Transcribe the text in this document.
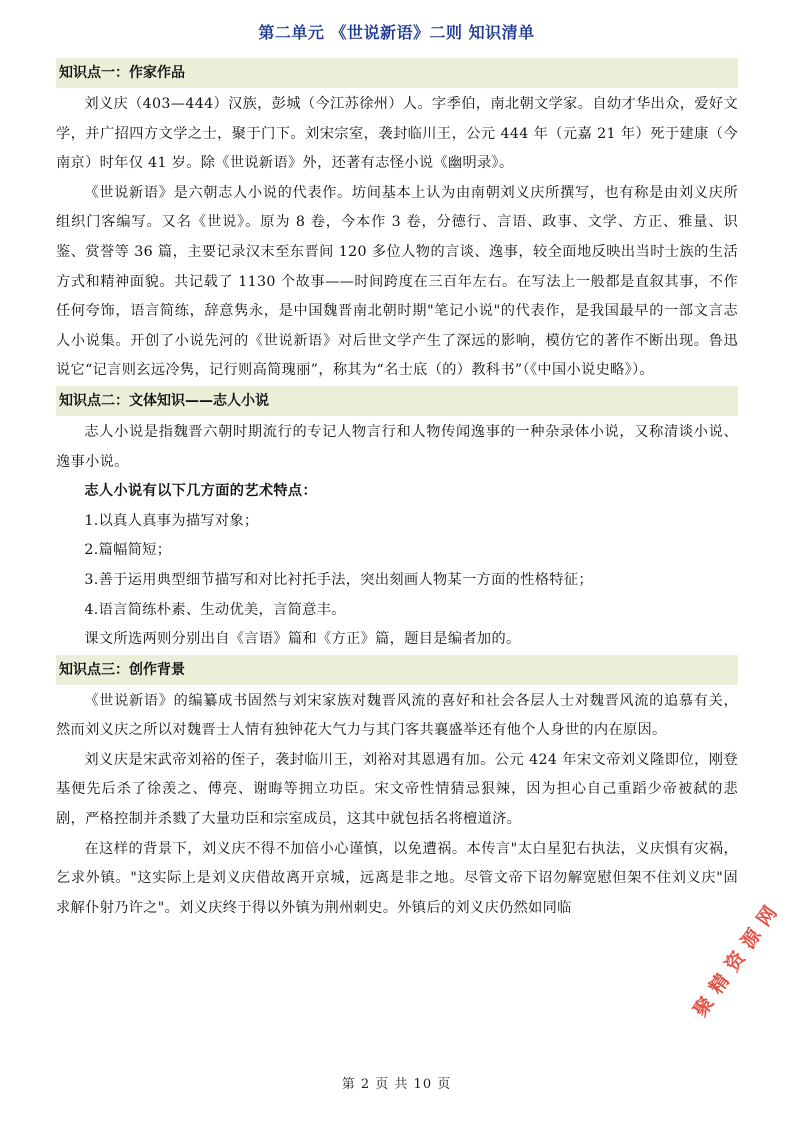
第二单元 《世说新语》二则 知识清单
知识点一：作家作品

刘义庆（403—444）汉族，彭城（今江苏徐州）人。字季伯，南北朝文学家。自幼才华出众，爱好文学，并广招四方文学之士，聚于门下。刘宋宗室，袭封临川王，公元 444 年（元嘉 21 年）死于建康（今南京）时年仅 41 岁。除《世说新语》外，还著有志怪小说《幽明录》。

《世说新语》是六朝志人小说的代表作。坊间基本上认为由南朝刘义庆所撰写，也有称是由刘义庆所组织门客编写。又名《世说》。原为 8 卷，今本作 3 卷，分德行、言语、政事、文学、方正、雅量、识鉴、赏誉等 36 篇，主要记录汉末至东晋间 120 多位人物的言谈、逸事，较全面地反映出当时士族的生活方式和精神面貌。共记载了 1130 个故事——时间跨度在三百年左右。在写法上一般都是直叙其事，不作任何夸饰，语言简练，辞意隽永，是中国魏晋南北朝时期"笔记小说"的代表作，是我国最早的一部文言志人小说集。开创了小说先河的《世说新语》对后世文学产生了深远的影响，模仿它的著作不断出现。鲁迅说它“记言则玄远冷隽，记行则高简瑰丽”，称其为“名士底（的）教科书”（《中国小说史略》）。

知识点二：文体知识——志人小说

志人小说是指魏晋六朝时期流行的专记人物言行和人物传闻逸事的一种杂录体小说，又称清谈小说、逸事小说。

志人小说有以下几方面的艺术特点：

1.以真人真事为描写对象；

2.篇幅简短；

3.善于运用典型细节描写和对比衬托手法，突出刻画人物某一方面的性格特征；

4.语言简练朴素、生动优美，言简意丰。

课文所选两则分别出自《言语》篇和《方正》篇，题目是编者加的。

知识点三：创作背景

《世说新语》的编纂成书固然与刘宋家族对魏晋风流的喜好和社会各层人士对魏晋风流的追慕有关，然而刘义庆之所以对魏晋士人情有独钟花大气力与其门客共襄盛举还有他个人身世的内在原因。

刘义庆是宋武帝刘裕的侄子，袭封临川王，刘裕对其恩遇有加。公元 424 年宋文帝刘义隆即位，刚登基便先后杀了徐羡之、傅亮、谢晦等拥立功臣。宋文帝性情猜忌狠辣，因为担心自己重蹈少帝被弑的悲剧，严格控制并杀戮了大量功臣和宗室成员，这其中就包括名将檀道济。

在这样的背景下，刘义庆不得不加倍小心谨慎，以免遭祸。本传言"太白星犯右执法，义庆惧有灾祸，乞求外镇。"这实际上是刘义庆借故离开京城，远离是非之地。尽管文帝下诏勿解宽慰但架不住刘义庆"固求解仆射乃许之"。刘义庆终于得以外镇为荆州刺史。外镇后的刘义庆仍然如同临

第 2 页 共 10 页
聚 精 资 源 网
